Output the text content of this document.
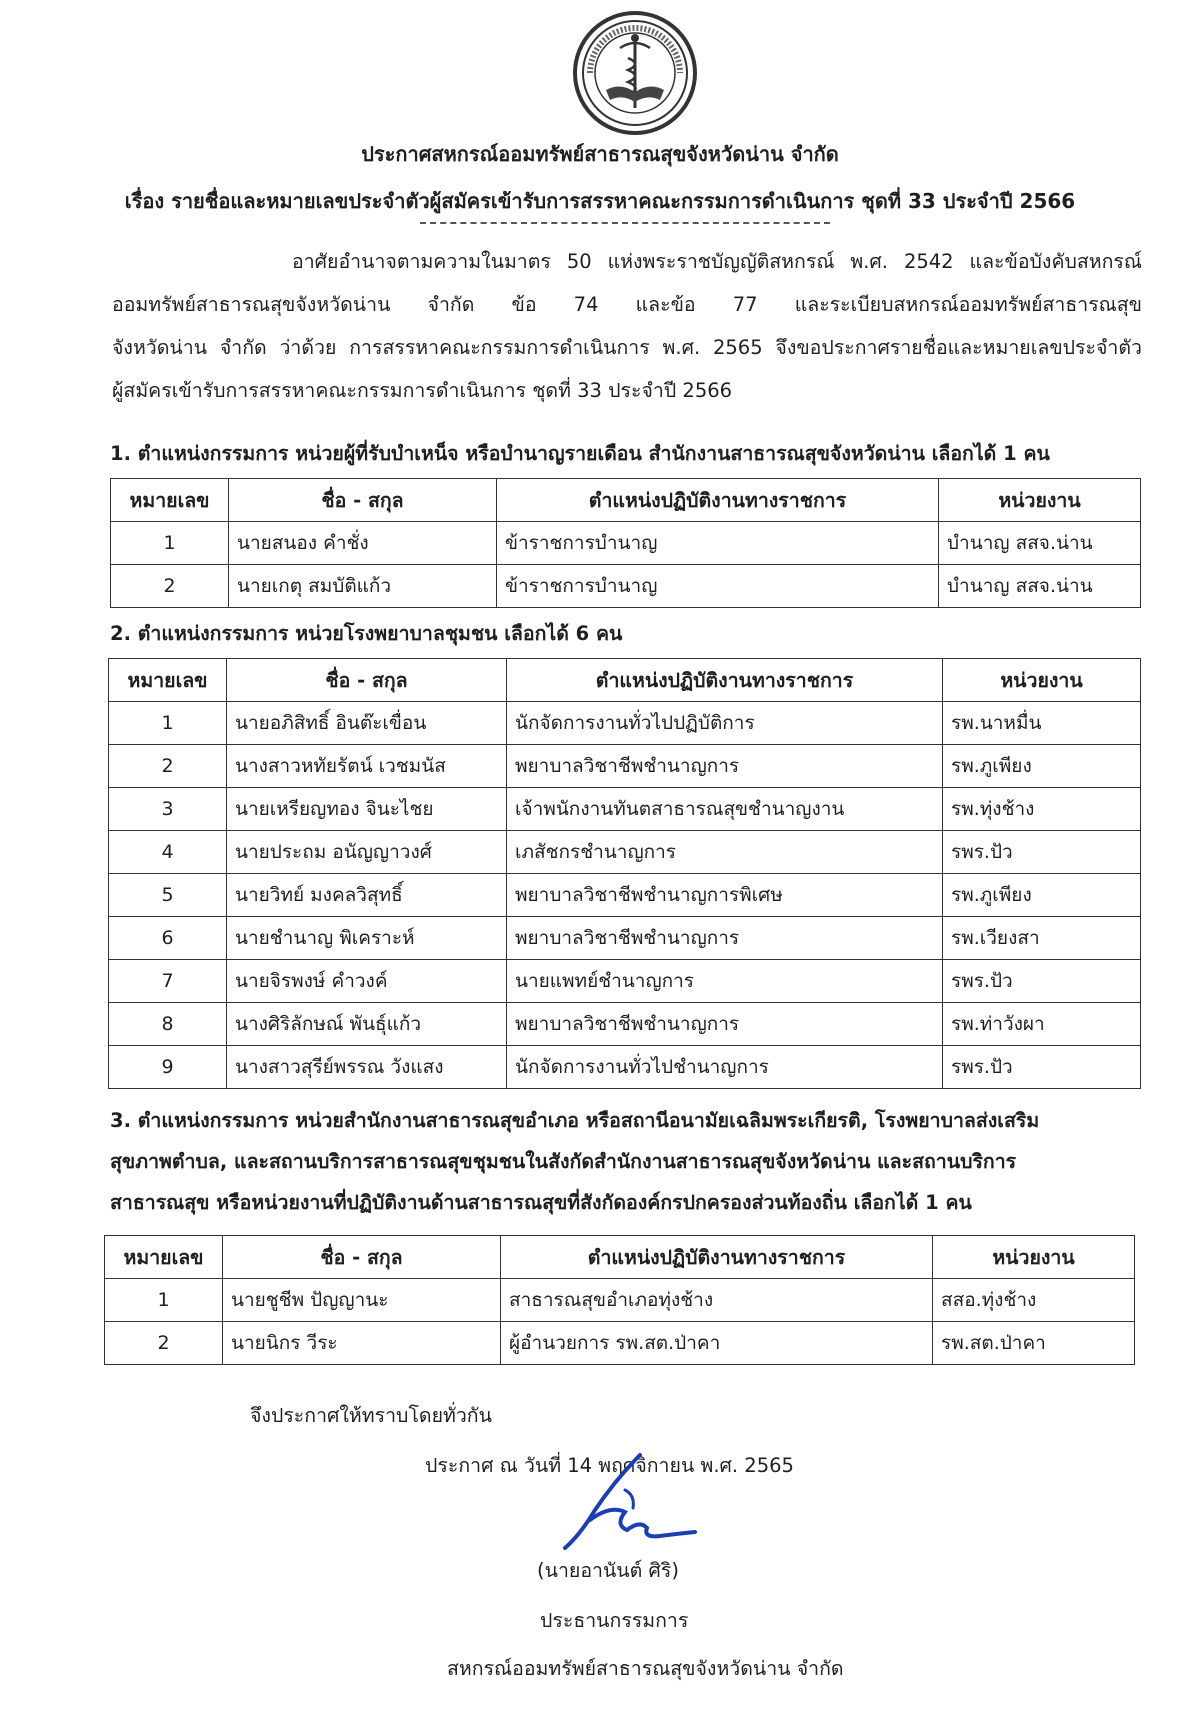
ประกาศสหกรณ์ออมทรัพย์สาธารณสุขจังหวัดน่าน จำกัด
เรื่อง รายชื่อและหมายเลขประจำตัวผู้สมัครเข้ารับการสรรหาคณะกรรมการดำเนินการ ชุดที่ 33 ประจำปี 2566
อาศัยอำนาจตามความในมาตร 50 แห่งพระราชบัญญัติสหกรณ์ พ.ศ. 2542 และข้อบังคับสหกรณ์
ออมทรัพย์สาธารณสุขจังหวัดน่าน จำกัด ข้อ 74 และข้อ 77 และระเบียบสหกรณ์ออมทรัพย์สาธารณสุข
จังหวัดน่าน จำกัด ว่าด้วย การสรรหาคณะกรรมการดำเนินการ พ.ศ. 2565 จึงขอประกาศรายชื่อและหมายเลขประจำตัว
ผู้สมัครเข้ารับการสรรหาคณะกรรมการดำเนินการ ชุดที่ 33 ประจำปี 2566
1. ตำแหน่งกรรมการ หน่วยผู้ที่รับบำเหน็จ หรือบำนาญรายเดือน สำนักงานสาธารณสุขจังหวัดน่าน เลือกได้ 1 คน
หมายเลข	ชื่อ - สกุล	ตำแหน่งปฏิบัติงานทางราชการ	หน่วยงาน
1	นายสนอง คำชั่ง	ข้าราชการบำนาญ	บำนาญ สสจ.น่าน
2	นายเกตุ สมบัติแก้ว	ข้าราชการบำนาญ	บำนาญ สสจ.น่าน
2. ตำแหน่งกรรมการ หน่วยโรงพยาบาลชุมชน เลือกได้ 6 คน
หมายเลข	ชื่อ - สกุล	ตำแหน่งปฏิบัติงานทางราชการ	หน่วยงาน
1	นายอภิสิทธิ์ อินต๊ะเขื่อน	นักจัดการงานทั่วไปปฏิบัติการ	รพ.นาหมื่น
2	นางสาวหทัยรัตน์ เวชมนัส	พยาบาลวิชาชีพชำนาญการ	รพ.ภูเพียง
3	นายเหรียญทอง จินะไชย	เจ้าพนักงานทันตสาธารณสุขชำนาญงาน	รพ.ทุ่งช้าง
4	นายประถม อนัญญาวงศ์	เภสัชกรชำนาญการ	รพร.ปัว
5	นายวิทย์ มงคลวิสุทธิ์	พยาบาลวิชาชีพชำนาญการพิเศษ	รพ.ภูเพียง
6	นายชำนาญ พิเคราะห์	พยาบาลวิชาชีพชำนาญการ	รพ.เวียงสา
7	นายจิรพงษ์ คำวงค์	นายแพทย์ชำนาญการ	รพร.ปัว
8	นางศิริลักษณ์ พันธุ์แก้ว	พยาบาลวิชาชีพชำนาญการ	รพ.ท่าวังผา
9	นางสาวสุรีย์พรรณ วังแสง	นักจัดการงานทั่วไปชำนาญการ	รพร.ปัว
3. ตำแหน่งกรรมการ หน่วยสำนักงานสาธารณสุขอำเภอ หรือสถานีอนามัยเฉลิมพระเกียรติ, โรงพยาบาลส่งเสริม
สุขภาพตำบล, และสถานบริการสาธารณสุขชุมชนในสังกัดสำนักงานสาธารณสุขจังหวัดน่าน และสถานบริการ
สาธารณสุข หรือหน่วยงานที่ปฏิบัติงานด้านสาธารณสุขที่สังกัดองค์กรปกครองส่วนท้องถิ่น เลือกได้ 1 คน
หมายเลข	ชื่อ - สกุล	ตำแหน่งปฏิบัติงานทางราชการ	หน่วยงาน
1	นายชูชีพ ปัญญานะ	สาธารณสุขอำเภอทุ่งช้าง	สสอ.ทุ่งช้าง
2	นายนิกร วีระ	ผู้อำนวยการ รพ.สต.ป่าคา	รพ.สต.ป่าคา
จึงประกาศให้ทราบโดยทั่วกัน
ประกาศ ณ วันที่ 14 พฤศจิกายน พ.ศ. 2565
(นายอานันต์ ศิริ)
ประธานกรรมการ
สหกรณ์ออมทรัพย์สาธารณสุขจังหวัดน่าน จำกัด
